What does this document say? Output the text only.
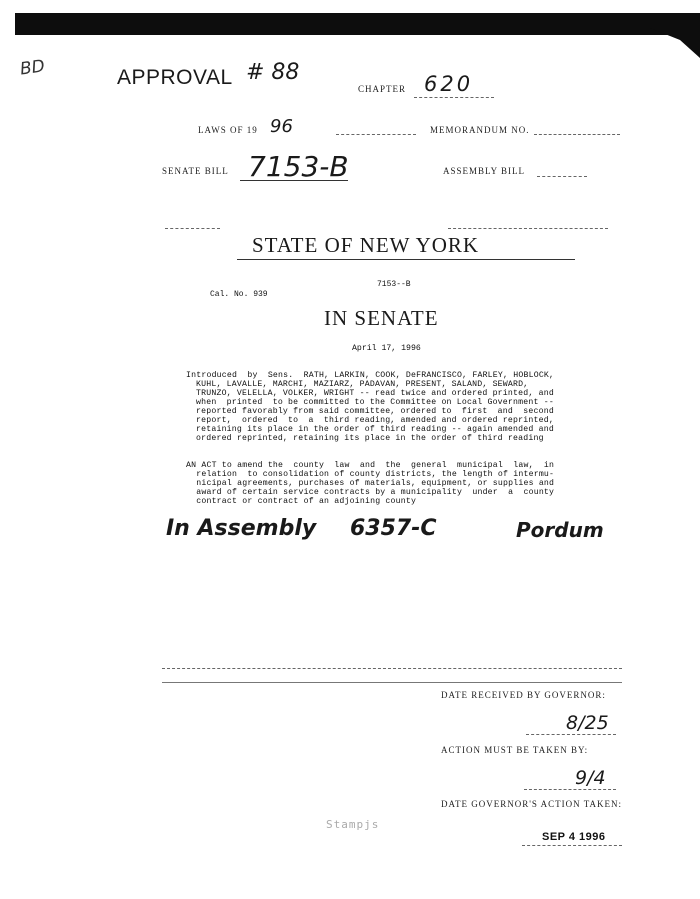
BD	APPROVAL # 88
CHAPTER 620
LAWS OF 19 96	MEMORANDUM NO.
SENATE BILL 7153-B	ASSEMBLY BILL
STATE OF NEW YORK
7153--B
Cal. No. 939
IN SENATE
April 17, 1996
Introduced  by  Sens.  RATH, LARKIN, COOK, DeFRANCISCO, FARLEY, HOBLOCK,
KUHL, LAVALLE, MARCHI, MAZIARZ, PADAVAN, PRESENT, SALAND, SEWARD,
TRUNZO, VELELLA, VOLKER, WRIGHT -- read twice and ordered printed, and
when  printed  to be committed to the Committee on Local Government --
reported favorably from said committee, ordered to  first  and  second
report,  ordered  to  a  third reading, amended and ordered reprinted,
retaining its place in the order of third reading -- again amended and
ordered reprinted, retaining its place in the order of third reading
AN ACT to amend the  county  law  and  the  general  municipal  law,  in
relation  to consolidation of county districts, the length of intermu-
nicipal agreements, purchases of materials, equipment, or supplies and
award of certain service contracts by a municipality  under  a  county
contract or contract of an adjoining county
In Assembly 6357-C	Pordum
DATE RECEIVED BY GOVERNOR:
8/25
ACTION MUST BE TAKEN BY:
9/4
DATE GOVERNOR'S ACTION TAKEN:
Stampjs
SEP 4 1996
